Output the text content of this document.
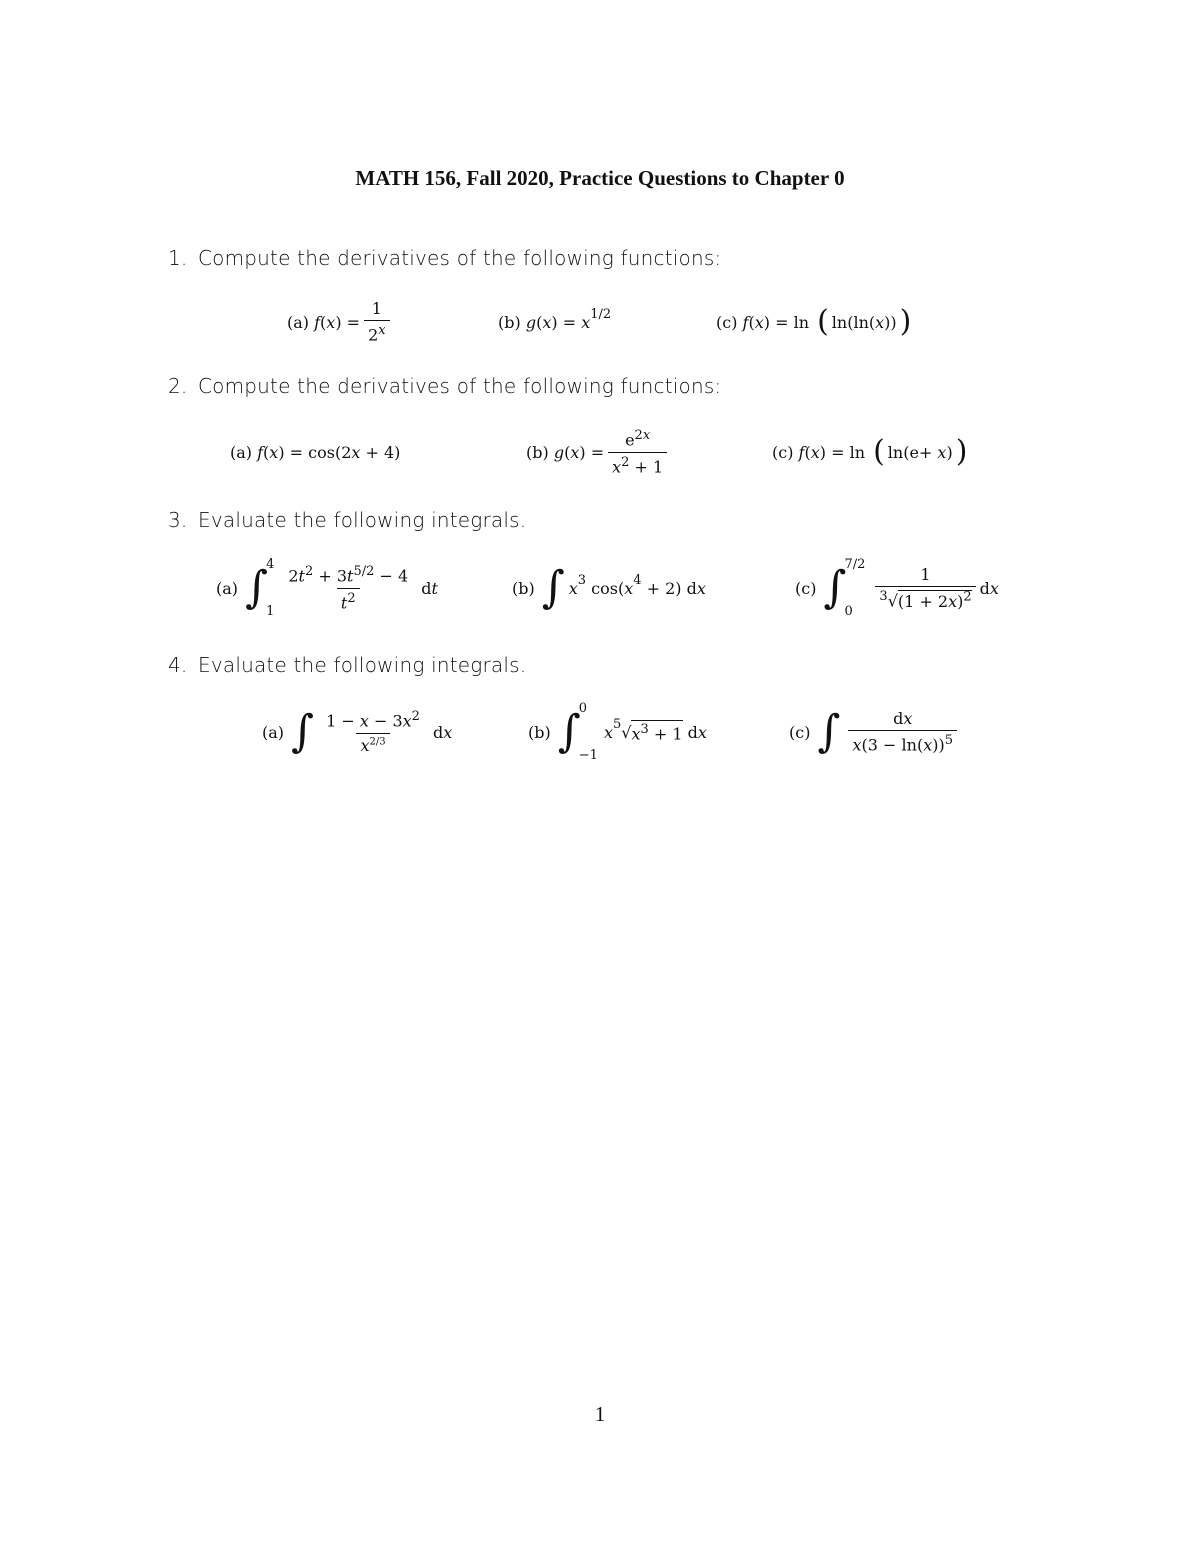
MATH 156, Fall 2020, Practice Questions to Chapter 0
1. Compute the derivatives of the following functions:
(a)
f ( x ) = $\frac{1}{2^x}$	(b)
g ( x ) = $x^{1/2}$	(c)
f ( x ) = ln ( ln(ln( x )) )
2. Compute the derivatives of the following functions:
(a)
f ( x ) = cos(2 x + 4)	(b)
g ( x ) = $\frac{e^{2x}}{x^2 + 1}$	(c)
f ( x ) = ln ( ln(e+ x ) )
3. Evaluate the following integrals.
(a)
∫
4
$1 \frac{2t^2 + 3t^{5/2} - 4}{t^2}$ d t	(b)
∫ $x^3$ cos( $x^4 + 2$) d x	(c)
∫
7/2
0
$\frac{1}{^3√(1 + 2x)^2}$ d x
4. Evaluate the following integrals.
(a)
∫ $\frac{1 - x - 3x^2}{x^{2/3}}$ d x	(b)
∫
0
−1
$x^5$ √ $x^3 + 1$ d x	(c)
∫ $\frac{dx}{x(3 - \ln(x))^5}$
1
